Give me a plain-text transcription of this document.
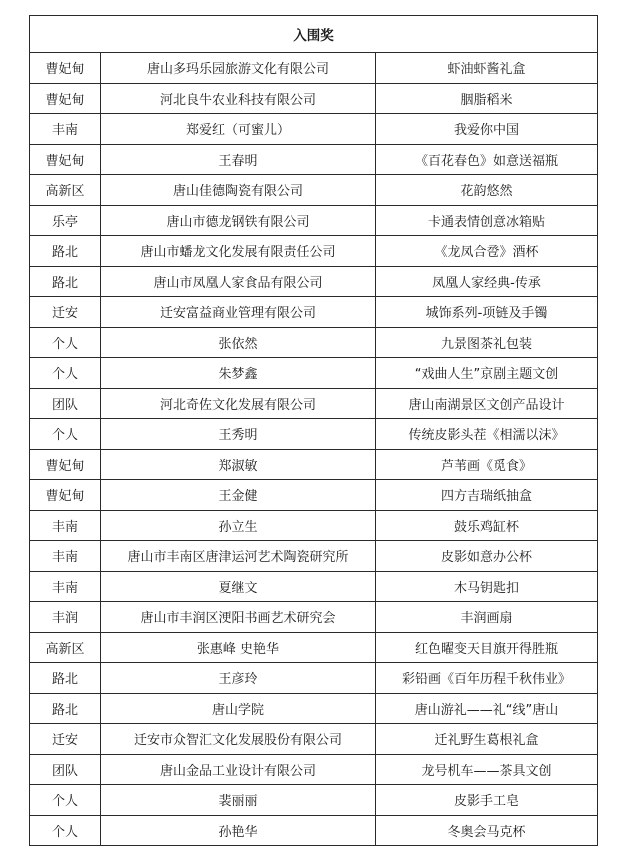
入围奖		
曹妃甸	唐山多玛乐园旅游文化有限公司	虾油虾酱礼盒
曹妃甸	河北良牛农业科技有限公司	胭脂稻米
丰南	郑爱红（可蜜儿）	我爱你中国
曹妃甸	王春明	《百花春色》如意送福瓶
高新区	唐山佳德陶瓷有限公司	花韵悠然
乐亭	唐山市德龙钢铁有限公司	卡通表情创意冰箱贴
路北	唐山市蟠龙文化发展有限责任公司	《龙凤合卺》酒杯
路北	唐山市凤凰人家食品有限公司	凤凰人家经典-传承
迁安	迁安富益商业管理有限公司	城饰系列-项链及手镯
个人	张依然	九景图茶礼包装
个人	朱梦鑫	“戏曲人生”京剧主题文创
团队	河北奇佐文化发展有限公司	唐山南湖景区文创产品设计
个人	王秀明	传统皮影头茬《相濡以沫》
曹妃甸	郑淑敏	芦苇画《觅食》
曹妃甸	王金健	四方吉瑞纸抽盒
丰南	孙立生	鼓乐鸡缸杯
丰南	唐山市丰南区唐津运河艺术陶瓷研究所	皮影如意办公杯
丰南	夏继文	木马钥匙扣
丰润	唐山市丰润区浭阳书画艺术研究会	丰润画扇
高新区	张惠峰 史艳华	红色曜变天目旗开得胜瓶
路北	王彦玲	彩铅画《百年历程千秋伟业》
路北	唐山学院	唐山游礼——礼“线”唐山
迁安	迁安市众智汇文化发展股份有限公司	迁礼野生葛根礼盒
团队	唐山金品工业设计有限公司	龙号机车——茶具文创
个人	裴丽丽	皮影手工皂
个人	孙艳华	冬奥会马克杯
